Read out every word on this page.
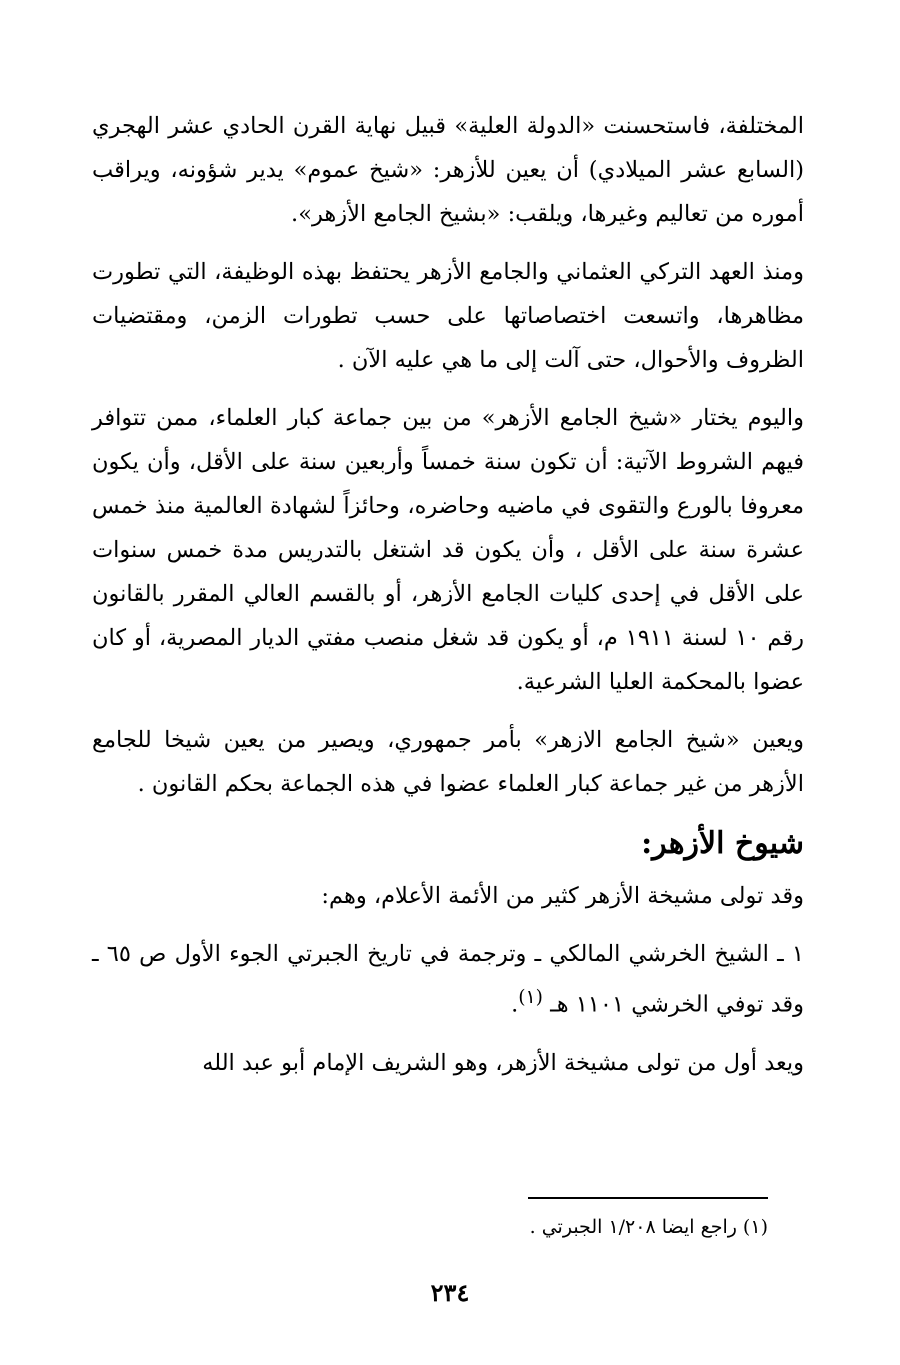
المختلفة، فاستحسنت «الدولة العلية» قبيل نهاية القرن الحادي عشر الهجري (السابع عشر الميلادي) أن يعين للأزهر: «شيخ عموم» يدير شؤونه، ويراقب أموره من تعاليم وغيرها، ويلقب: «بشيخ الجامع الأزهر».

ومنذ العهد التركي العثماني والجامع الأزهر يحتفظ بهذه الوظيفة، التي تطورت مظاهرها، واتسعت اختصاصاتها على حسب تطورات الزمن، ومقتضيات الظروف والأحوال، حتى آلت إلى ما هي عليه الآن .

واليوم يختار «شيخ الجامع الأزهر» من بين جماعة كبار العلماء، ممن تتوافر فيهم الشروط الآتية: أن تكون سنة خمساً وأربعين سنة على الأقل، وأن يكون معروفا بالورع والتقوى في ماضيه وحاضره، وحائزاً لشهادة العالمية منذ خمس عشرة سنة على الأقل ، وأن يكون قد اشتغل بالتدريس مدة خمس سنوات على الأقل في إحدى كليات الجامع الأزهر، أو بالقسم العالي المقرر بالقانون رقم ١٠ لسنة ١٩١١ م، أو يكون قد شغل منصب مفتي الديار المصرية، أو كان عضوا بالمحكمة العليا الشرعية.

ويعين «شيخ الجامع الازهر» بأمر جمهوري، ويصير من يعين شيخا للجامع الأزهر من غير جماعة كبار العلماء عضوا في هذه الجماعة بحكم القانون .

شيوخ الأزهر:

وقد تولى مشيخة الأزهر كثير من الأئمة الأعلام، وهم:

١ ـ الشيخ الخرشي المالكي ـ وترجمة في تاريخ الجبرتي الجوء الأول ص ٦٥ ـ وقد توفي الخرشي ١١٠١ هـ $^{(١)}$.

ويعد أول من تولى مشيخة الأزهر، وهو الشريف الإمام أبو عبد الله

(١) راجع ايضا ١/٢٠٨ الجبرتي .
٢٣٤
